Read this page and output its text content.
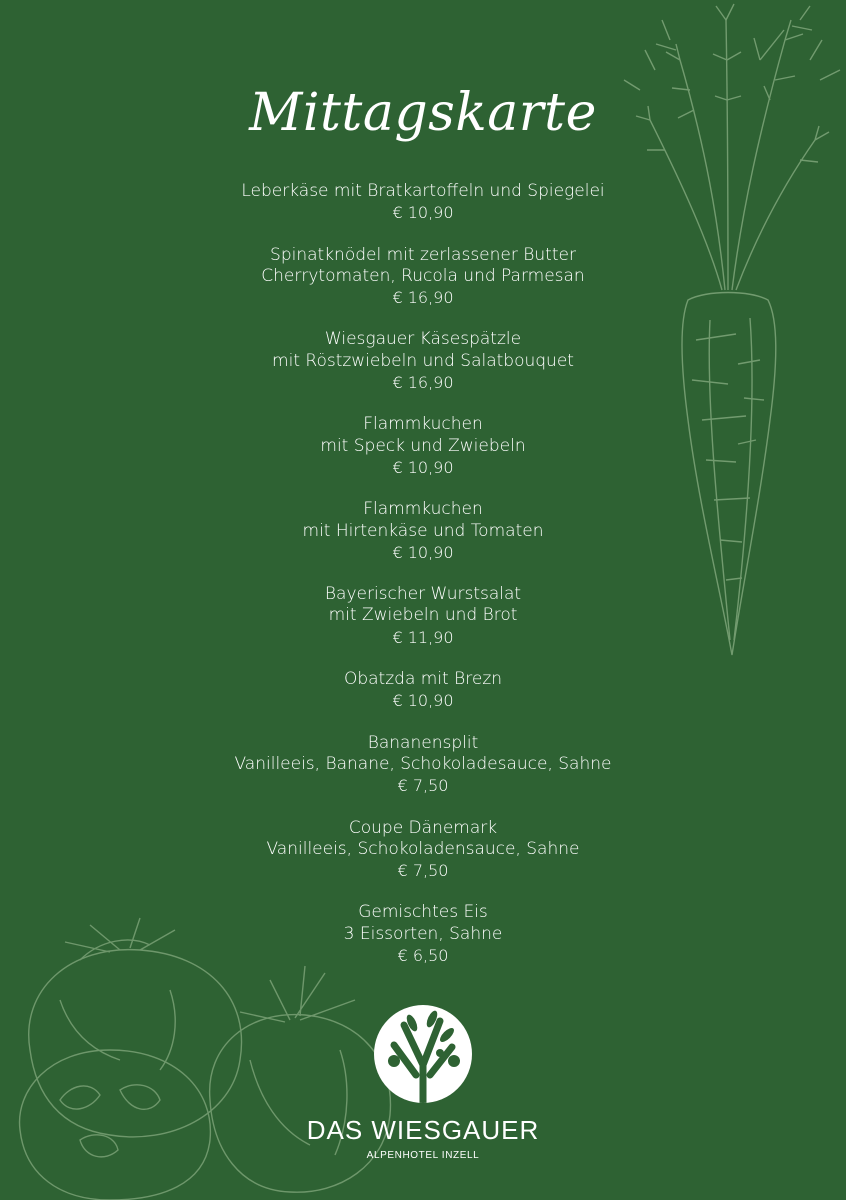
Mittagskarte
Leberkäse mit Bratkartoffeln und Spiegelei
€ 10,90
Spinatknödel mit zerlassener Butter
Cherrytomaten, Rucola und Parmesan
€ 16,90
Wiesgauer Käsespätzle
mit Röstzwiebeln und Salatbouquet
€ 16,90
Flammkuchen
mit Speck und Zwiebeln
€ 10,90
Flammkuchen
mit Hirtenkäse und Tomaten
€ 10,90
Bayerischer Wurstsalat
mit Zwiebeln und Brot
€ 11,90
Obatzda mit Brezn
€ 10,90
Bananensplit
Vanilleeis, Banane, Schokoladesauce, Sahne
€ 7,50
Coupe Dänemark
Vanilleeis, Schokoladensauce, Sahne
€ 7,50
Gemischtes Eis
3 Eissorten, Sahne
€ 6,50
DAS WIESGAUER
ALPENHOTEL INZELL
